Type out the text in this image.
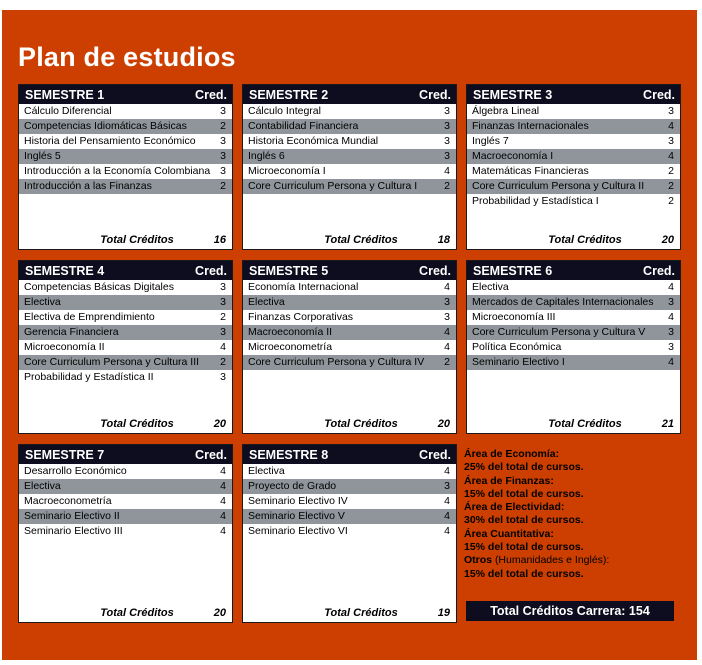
Plan de estudios
SEMESTRE 1	Cred.
Cálculo Diferencial	3
Competencias Idiomáticas Básicas	2
Historia del Pensamiento Económico	3
Inglés 5	3
Introducción a la Economía Colombiana 3
Introducción a las Finanzas	2
Total Créditos	16
SEMESTRE 2	Cred.
Cálculo Integral	3
Contabilidad Financiera	3
Historia Económica Mundial	3
Inglés 6	3
Microeconomía I	4
Core Curriculum Persona y Cultura I	2
Total Créditos	18
SEMESTRE 3	Cred.
Álgebra Lineal	3
Finanzas Internacionales	4
Inglés 7	3
Macroeconomía I	4
Matemáticas Financieras	2
Core Curriculum Persona y Cultura II	2
Probabilidad y Estadística I	2
Total Créditos	20
SEMESTRE 4	Cred.
Competencias Básicas Digitales	3
Electiva	3
Electiva de Emprendimiento	2
Gerencia Financiera	3
Microeconomía II	4
Core Curriculum Persona y Cultura III	2
Probabilidad y Estadística II	3
Total Créditos	20
SEMESTRE 5	Cred.
Economía Internacional	4
Electiva	3
Finanzas Corporativas	3
Macroeconomía II	4
Microeconometría	4
Core Curriculum Persona y Cultura IV	2
Total Créditos	20
SEMESTRE 6	Cred.
Electiva	4
Mercados de Capitales Internacionales	3
Microeconomía III	4
Core Curriculum Persona y Cultura V	3
Política Económica	3
Seminario Electivo I	4
Total Créditos	21
SEMESTRE 7	Cred.
Desarrollo Económico	4
Electiva	4
Macroeconometría	4
Seminario Electivo II	4
Seminario Electivo III	4
Total Créditos	20
SEMESTRE 8	Cred.
Electiva	4
Proyecto de Grado	3
Seminario Electivo IV	4
Seminario Electivo V	4
Seminario Electivo VI	4
Total Créditos	19
Área de Economía:
25% del total de cursos.
Área de Finanzas:
15% del total de cursos.
Área de Electividad:
30% del total de cursos.
Área Cuantitativa:
15% del total de cursos.
Otros (Humanidades e Inglés):
15% del total de cursos.
Total Créditos Carrera: 154
